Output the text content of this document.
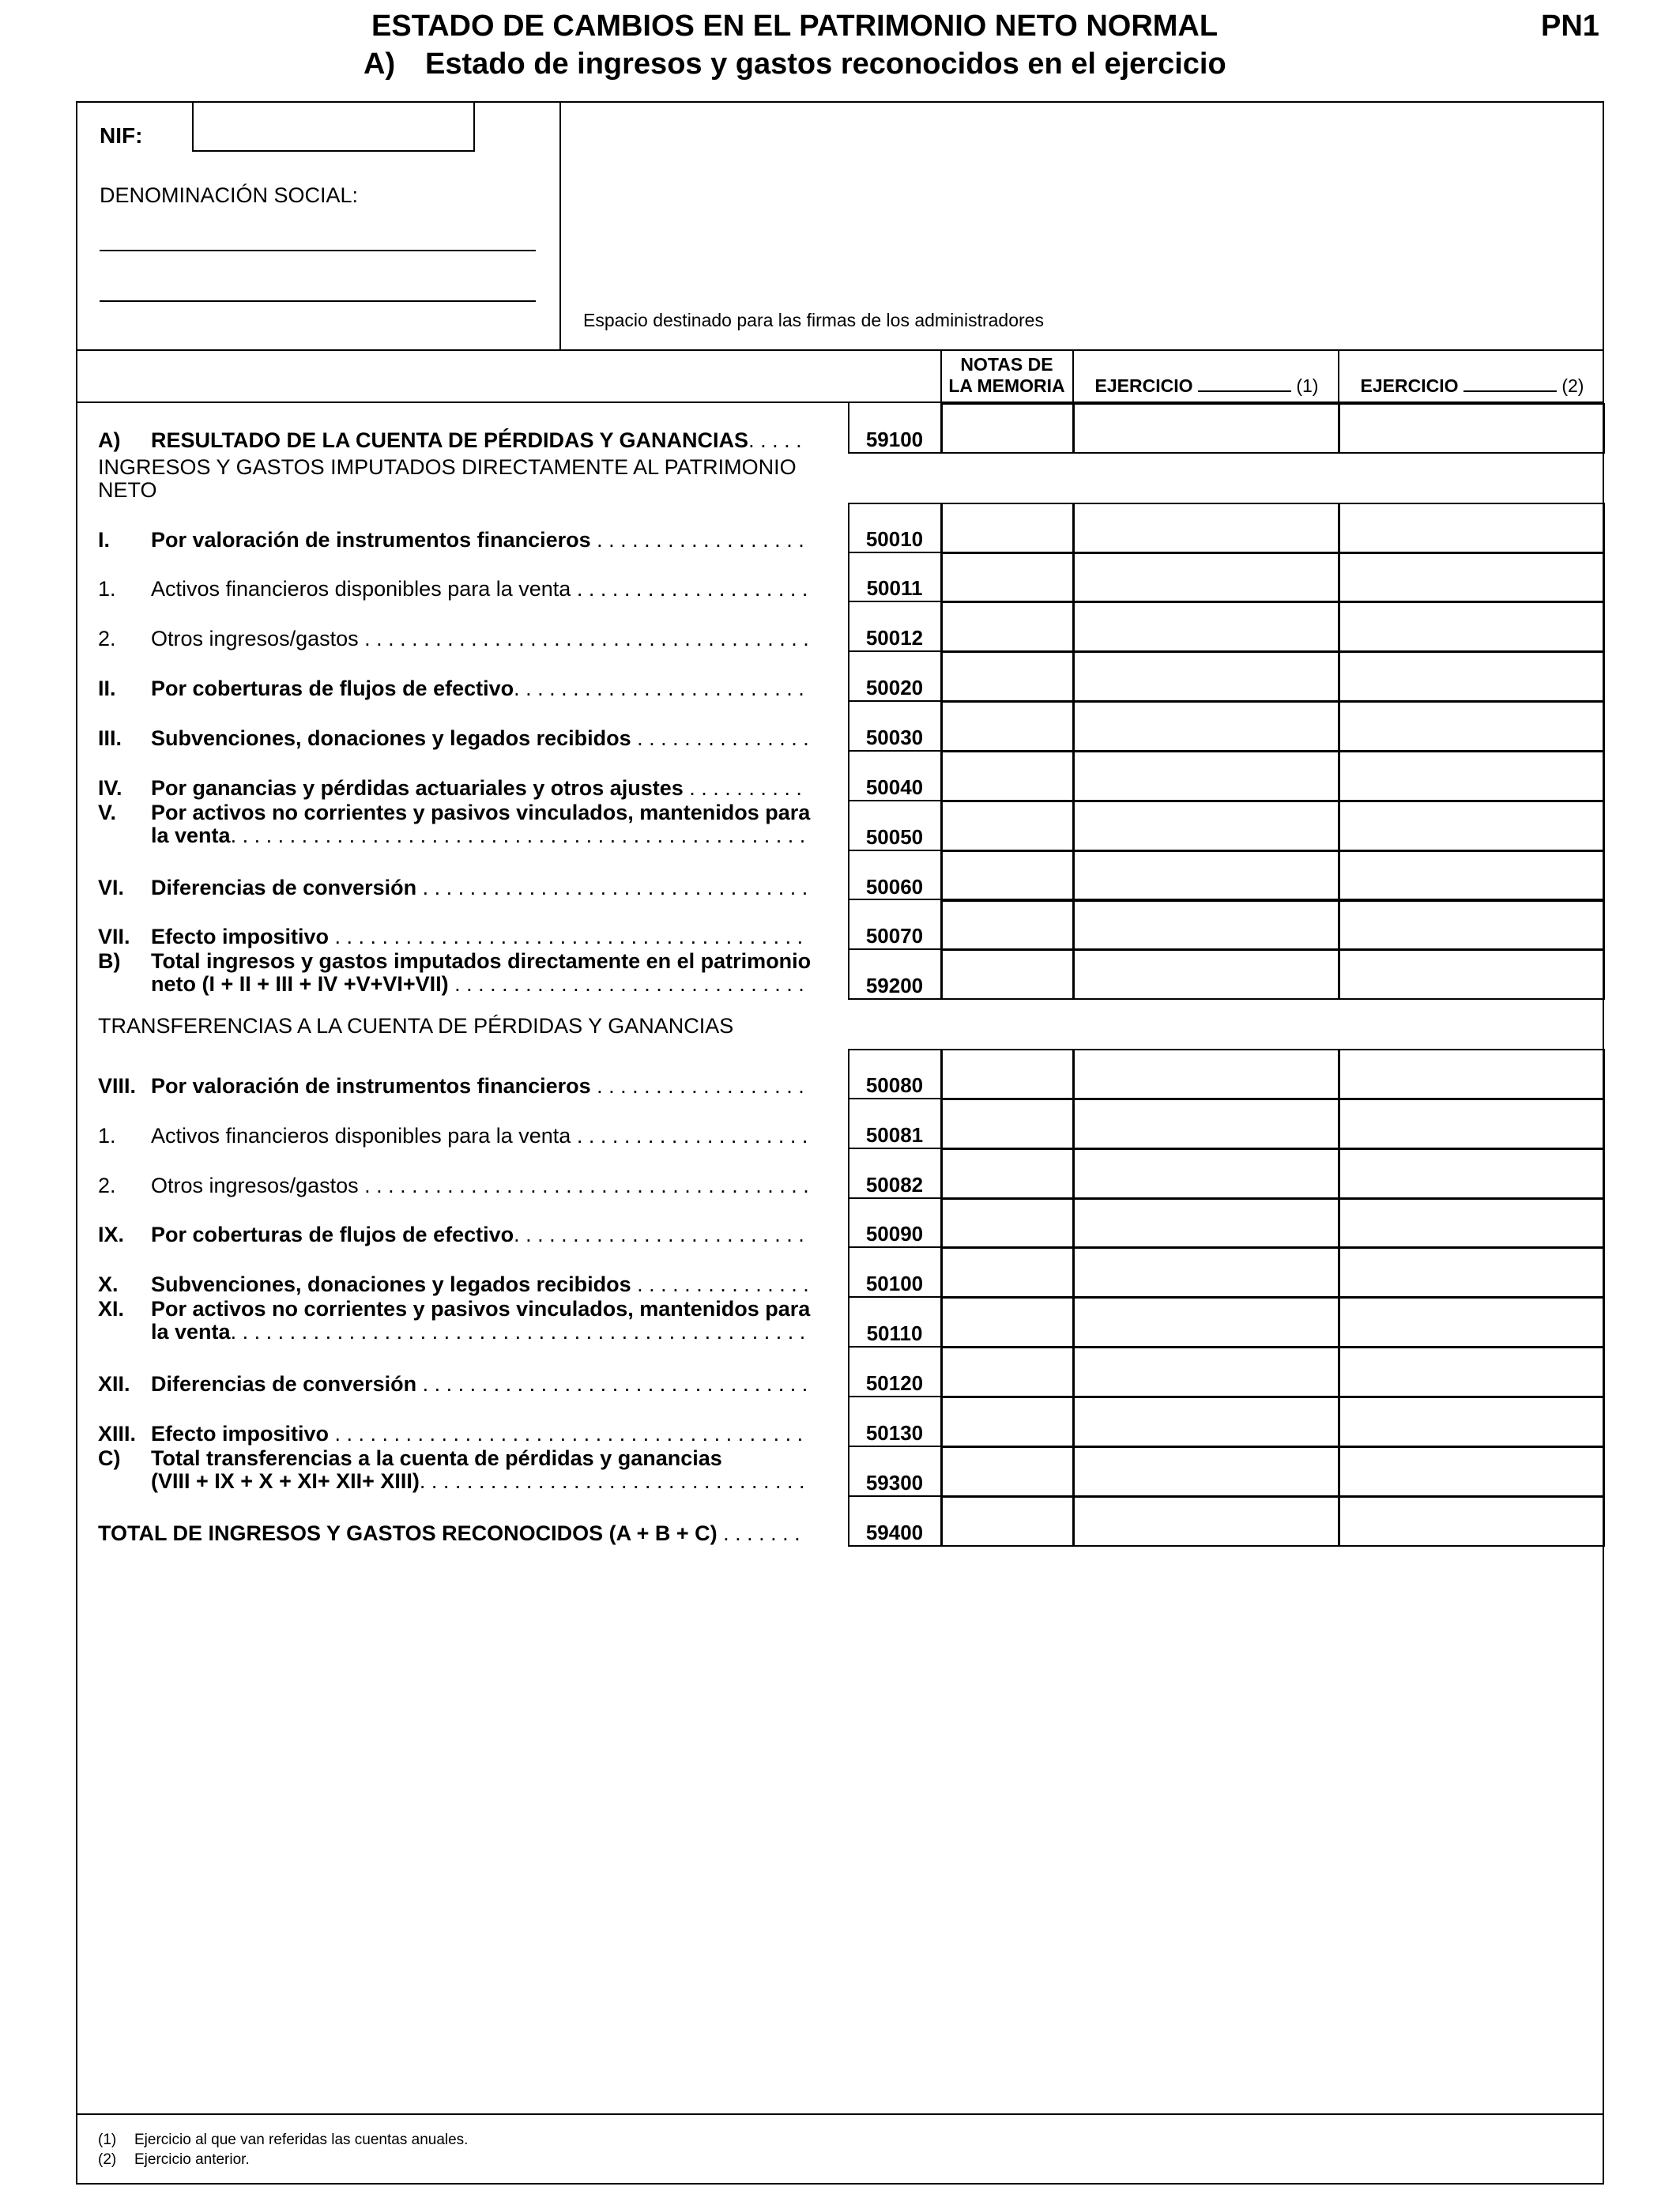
ESTADO DE CAMBIOS EN EL PATRIMONIO NETO NORMAL	PN1
A) Estado de ingresos y gastos reconocidos en el ejercicio
NIF:
DENOMINACIÓN SOCIAL:
Espacio destinado para las firmas de los administradores
NOTAS DE
LA MEMORIA	EJERCICIO	(1)	EJERCICIO	(2)
A) RESULTADO DE LA CUENTA DE PÉRDIDAS Y GANANCIAS. . . . .	59100
INGRESOS Y GASTOS IMPUTADOS DIRECTAMENTE AL PATRIMONIO NETO
I. Por valoración de instrumentos financieros . . . . . . . . . . . . . . . . . .	50010
1. Activos financieros disponibles para la venta . . . . . . . . . . . . . . . . . . . .	50011
2. Otros ingresos/gastos . . . . . . . . . . . . . . . . . . . . . . . . . . . . . . . . . . . . . .	50012
II. Por coberturas de flujos de efectivo. . . . . . . . . . . . . . . . . . . . . . . . .	50020
III. Subvenciones, donaciones y legados recibidos . . . . . . . . . . . . . . .	50030
IV. Por ganancias y pérdidas actuariales y otros ajustes . . . . . . . . . .	50040
V. Por activos no corrientes y pasivos vinculados, mantenidos para
la venta. . . . . . . . . . . . . . . . . . . . . . . . . . . . . . . . . . . . . . . . . . . . . . . . .	50050
VI. Diferencias de conversión . . . . . . . . . . . . . . . . . . . . . . . . . . . . . . . . .	50060
VII. Efecto impositivo . . . . . . . . . . . . . . . . . . . . . . . . . . . . . . . . . . . . . . . .	50070
B) Total ingresos y gastos imputados directamente en el patrimonio
neto (I + II + III + IV +V+VI+VII) . . . . . . . . . . . . . . . . . . . . . . . . . . . . . .	59200
TRANSFERENCIAS A LA CUENTA DE PÉRDIDAS Y GANANCIAS
VIII. Por valoración de instrumentos financieros . . . . . . . . . . . . . . . . . .	50080
1. Activos financieros disponibles para la venta . . . . . . . . . . . . . . . . . . . .	50081
2. Otros ingresos/gastos . . . . . . . . . . . . . . . . . . . . . . . . . . . . . . . . . . . . . .	50082
IX. Por coberturas de flujos de efectivo. . . . . . . . . . . . . . . . . . . . . . . . .	50090
X. Subvenciones, donaciones y legados recibidos . . . . . . . . . . . . . . .	50100
XI. Por activos no corrientes y pasivos vinculados, mantenidos para
la venta. . . . . . . . . . . . . . . . . . . . . . . . . . . . . . . . . . . . . . . . . . . . . . . . .	50110
XII. Diferencias de conversión . . . . . . . . . . . . . . . . . . . . . . . . . . . . . . . . .	50120
XIII. Efecto impositivo . . . . . . . . . . . . . . . . . . . . . . . . . . . . . . . . . . . . . . . .	50130
C) Total transferencias a la cuenta de pérdidas y ganancias
(VIII + IX + X + XI+ XII+ XIII). . . . . . . . . . . . . . . . . . . . . . . . . . . . . . . . .	59300
TOTAL DE INGRESOS Y GASTOS RECONOCIDOS (A + B + C) . . . . . . .	59400
(1) Ejercicio al que van referidas las cuentas anuales.
(2) Ejercicio anterior.
